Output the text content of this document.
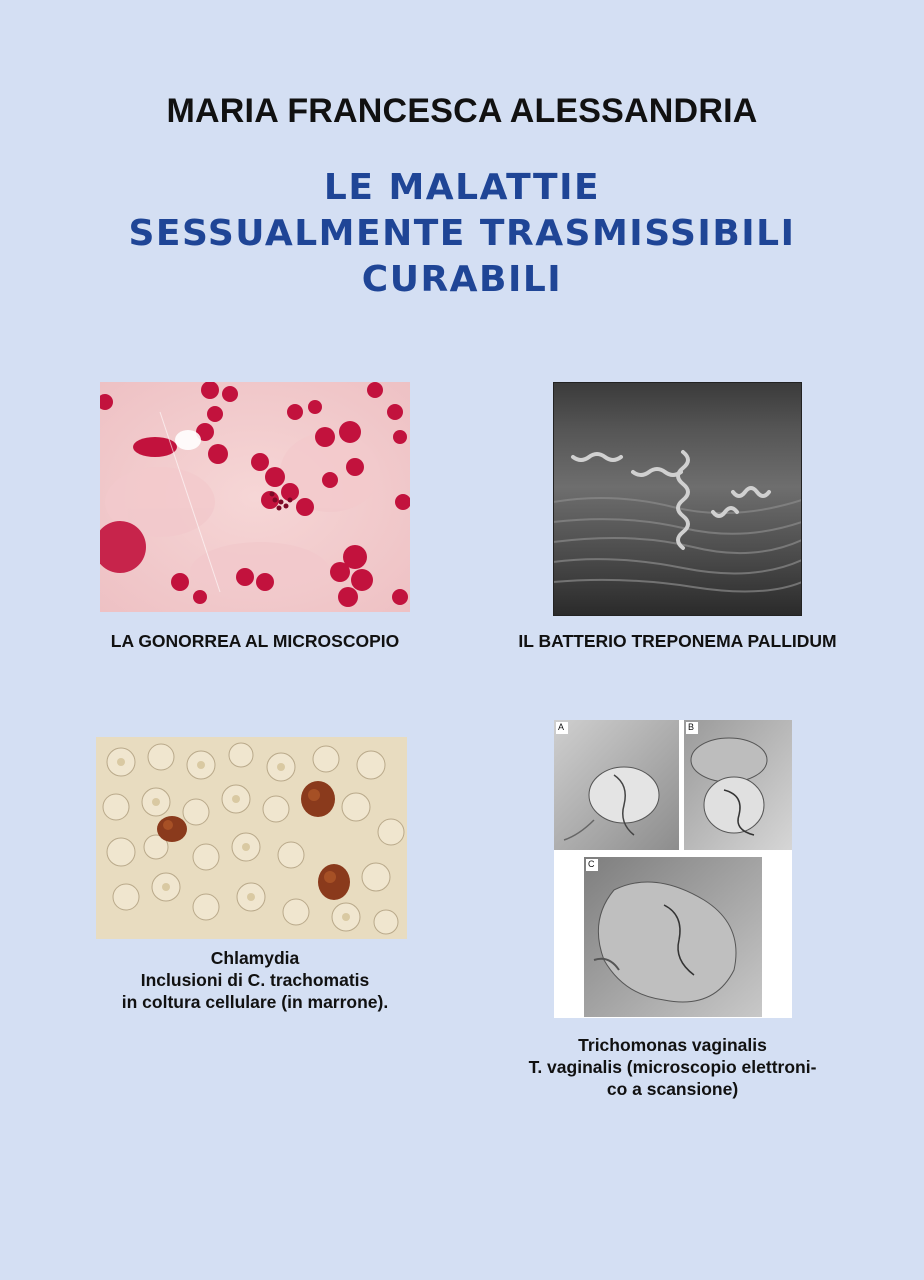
MARIA FRANCESCA ALESSANDRIA
LE MALATTIE
SESSUALMENTE TRASMISSIBILI
CURABILI
LA GONORREA AL MICROSCOPIO	IL BATTERIO TREPONEMA PALLIDUM
Chlamydia
Inclusioni di C. trachomatis
in coltura cellulare (in marrone).
A	B
C
Trichomonas vaginalis
T. vaginalis (microscopio elettroni-
co a scansione)
